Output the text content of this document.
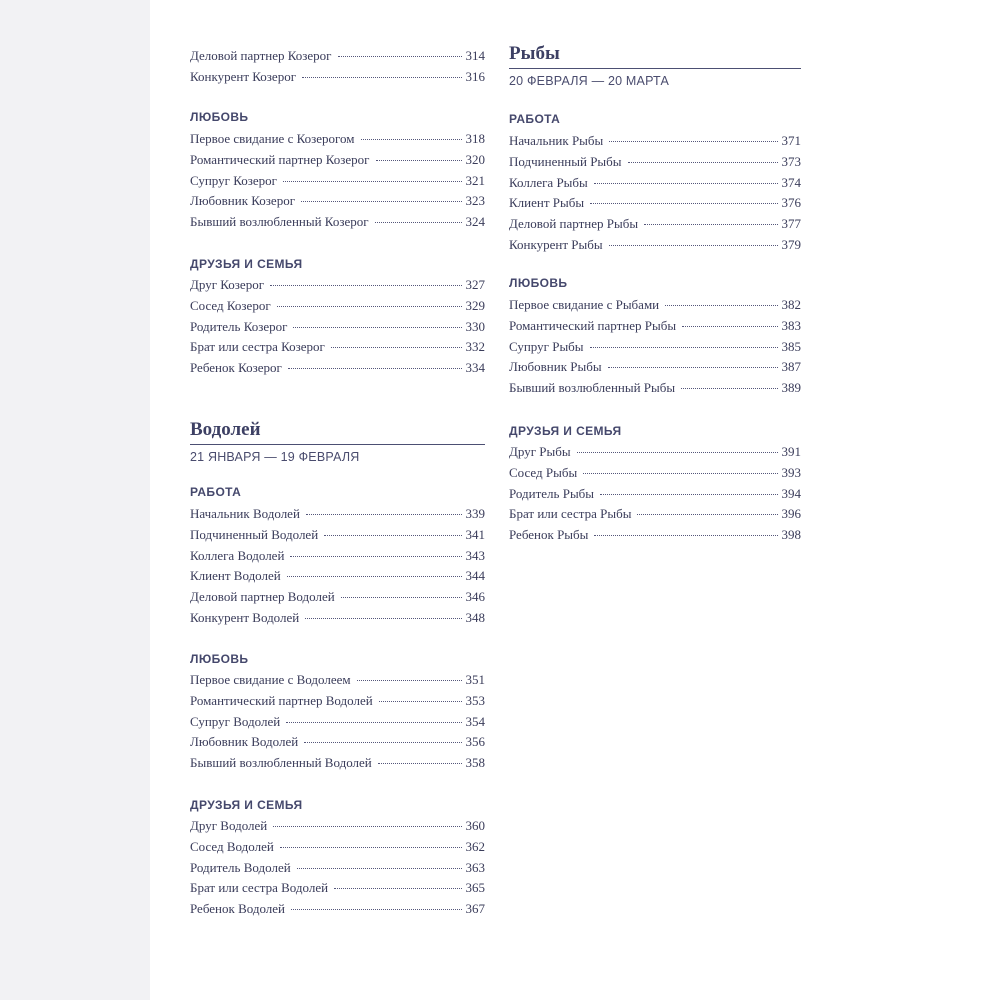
Деловой партнер Козерог	314
Конкурент Козерог	316
ЛЮБОВЬ
Первое свидание с Козерогом	318
Романтический партнер Козерог	320
Супруг Козерог	321
Любовник Козерог	323
Бывший возлюбленный Козерог	324
ДРУЗЬЯ И СЕМЬЯ
Друг Козерог	327
Сосед Козерог	329
Родитель Козерог	330
Брат или сестра Козерог	332
Ребенок Козерог	334
Водолей
21 ЯНВАРЯ — 19 ФЕВРАЛЯ
РАБОТА
Начальник Водолей	339
Подчиненный Водолей	341
Коллега Водолей	343
Клиент Водолей	344
Деловой партнер Водолей	346
Конкурент Водолей	348
ЛЮБОВЬ
Первое свидание с Водолеем	351
Романтический партнер Водолей	353
Супруг Водолей	354
Любовник Водолей	356
Бывший возлюбленный Водолей	358
ДРУЗЬЯ И СЕМЬЯ
Друг Водолей	360
Сосед Водолей	362
Родитель Водолей	363
Брат или сестра Водолей	365
Ребенок Водолей	367
Рыбы
20 ФЕВРАЛЯ — 20 МАРТА
РАБОТА
Начальник Рыбы	371
Подчиненный Рыбы	373
Коллега Рыбы	374
Клиент Рыбы	376
Деловой партнер Рыбы	377
Конкурент Рыбы	379
ЛЮБОВЬ
Первое свидание с Рыбами	382
Романтический партнер Рыбы	383
Супруг Рыбы	385
Любовник Рыбы	387
Бывший возлюбленный Рыбы	389
ДРУЗЬЯ И СЕМЬЯ
Друг Рыбы	391
Сосед Рыбы	393
Родитель Рыбы	394
Брат или сестра Рыбы	396
Ребенок Рыбы	398
